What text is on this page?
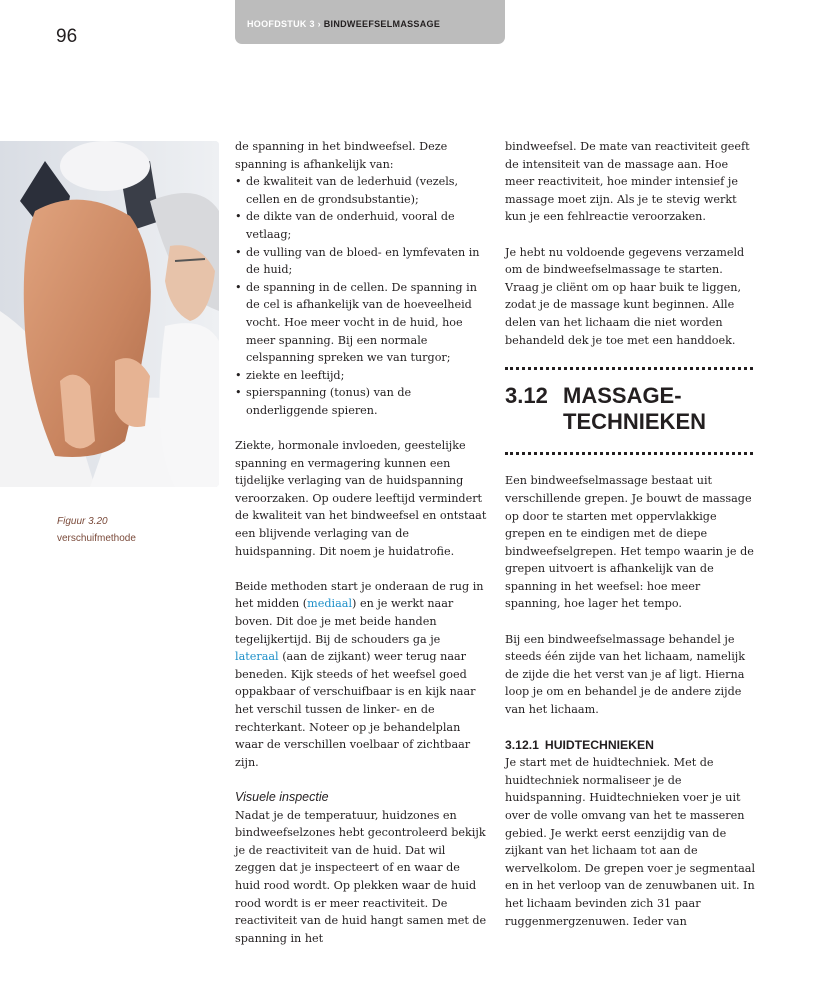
96
HOOFDSTUK 3 › BINDWEEFSELMASSAGE
Figuur 3.20
verschuifmethode

de spanning in het bindweefsel. Deze spanning is afhankelijk van:

• de kwaliteit van de lederhuid (vezels, cellen en de grondsubstantie);
• de dikte van de onderhuid, vooral de vetlaag;
• de vulling van de bloed- en lymfevaten in de huid;
• de spanning in de cellen. De spanning in de cel is afhankelijk van de hoeveelheid vocht. Hoe meer vocht in de huid, hoe meer spanning. Bij een normale celspanning spreken we van turgor;
• ziekte en leeftijd;
• spierspanning (tonus) van de onderliggende spieren.

Ziekte, hormonale invloeden, geestelijke spanning en vermagering kunnen een tijdelijke verlaging van de huidspanning veroorzaken. Op oudere leeftijd vermindert de kwaliteit van het bindweefsel en ontstaat een blijvende verlaging van de huidspanning. Dit noem je huidatrofie.

Beide methoden start je onderaan de rug in het midden (mediaal) en je werkt naar boven. Dit doe je met beide handen tegelijkertijd. Bij de schouders ga je lateraal (aan de zijkant) weer terug naar beneden. Kijk steeds of het weefsel goed oppakbaar of verschuifbaar is en kijk naar het verschil tussen de linker- en de rechterkant. Noteer op je behandelplan waar de verschillen voelbaar of zichtbaar zijn.

Visuele inspectie

Nadat je de temperatuur, huidzones en bindweefselzones hebt gecontroleerd bekijk je de reactiviteit van de huid. Dat wil zeggen dat je inspecteert of en waar de huid rood wordt. Op plekken waar de huid rood wordt is er meer reactiviteit. De reactiviteit van de huid hangt samen met de spanning in het

bindweefsel. De mate van reactiviteit geeft de intensiteit van de massage aan. Hoe meer reactiviteit, hoe minder intensief je massage moet zijn. Als je te stevig werkt kun je een fehlreactie veroorzaken.

Je hebt nu voldoende gegevens verzameld om de bindweefselmassage te starten. Vraag je cliënt om op haar buik te liggen, zodat je de massage kunt beginnen. Alle delen van het lichaam die niet worden behandeld dek je toe met een handdoek.

3.12 MASSAGE-
TECHNIEKEN

Een bindweefselmassage bestaat uit verschillende grepen. Je bouwt de massage op door te starten met oppervlakkige grepen en te eindigen met de diepe bindweefselgrepen. Het tempo waarin je de grepen uitvoert is afhankelijk van de spanning in het weefsel: hoe meer spanning, hoe lager het tempo.

Bij een bindweefselmassage behandel je steeds één zijde van het lichaam, namelijk de zijde die het verst van je af ligt. Hierna loop je om en behandel je de andere zijde van het lichaam.

3.12.1 HUIDTECHNIEKEN

Je start met de huidtechniek. Met de huidtechniek normaliseer je de huidspanning. Huidtechnieken voer je uit over de volle omvang van het te masseren gebied. Je werkt eerst eenzijdig van de zijkant van het lichaam tot aan de wervelkolom. De grepen voer je segmentaal en in het verloop van de zenuwbanen uit. In het lichaam bevinden zich 31 paar ruggenmergzenuwen. Ieder van
